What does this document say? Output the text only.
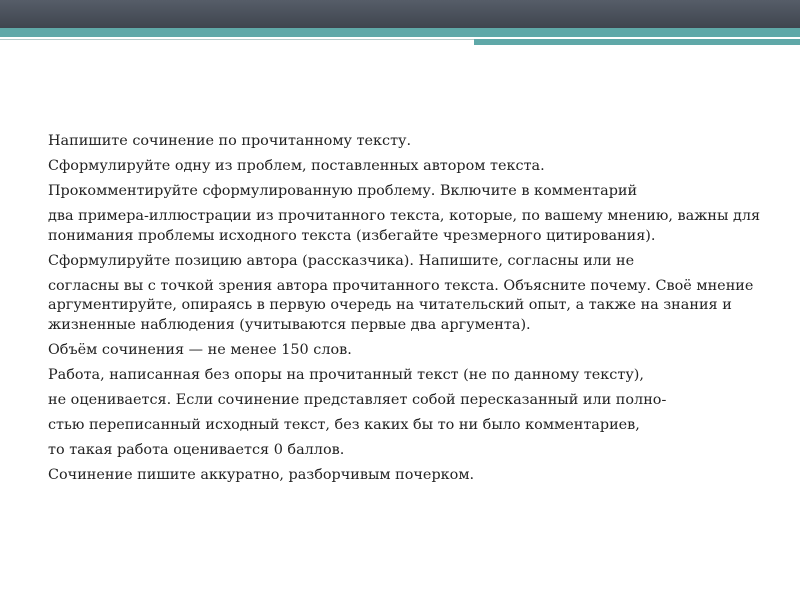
Напишите сочинение по прочитанному тексту.

Сформулируйте одну из проблем, поставленных автором текста.

Прокомментируйте сформулированную проблему. Включите в комментарий

два примера-иллюстрации из прочитанного текста, которые, по вашему мнению, важны для понимания проблемы исходного текста (избегайте чрезмерного цитирования).

Сформулируйте позицию автора (рассказчика). Напишите, согласны или не

согласны вы с точкой зрения автора прочитанного текста. Объясните почему. Своё мнение аргументируйте, опираясь в первую очередь на читательский опыт, а также на знания и жизненные наблюдения (учитываются первые два аргумента).

Объём сочинения — не менее 150 слов.

Работа, написанная без опоры на прочитанный текст (не по данному тексту),

не оценивается. Если сочинение представляет собой пересказанный или полно-

стью переписанный исходный текст, без каких бы то ни было комментариев,

то такая работа оценивается 0 баллов.

Сочинение пишите аккуратно, разборчивым почерком.
